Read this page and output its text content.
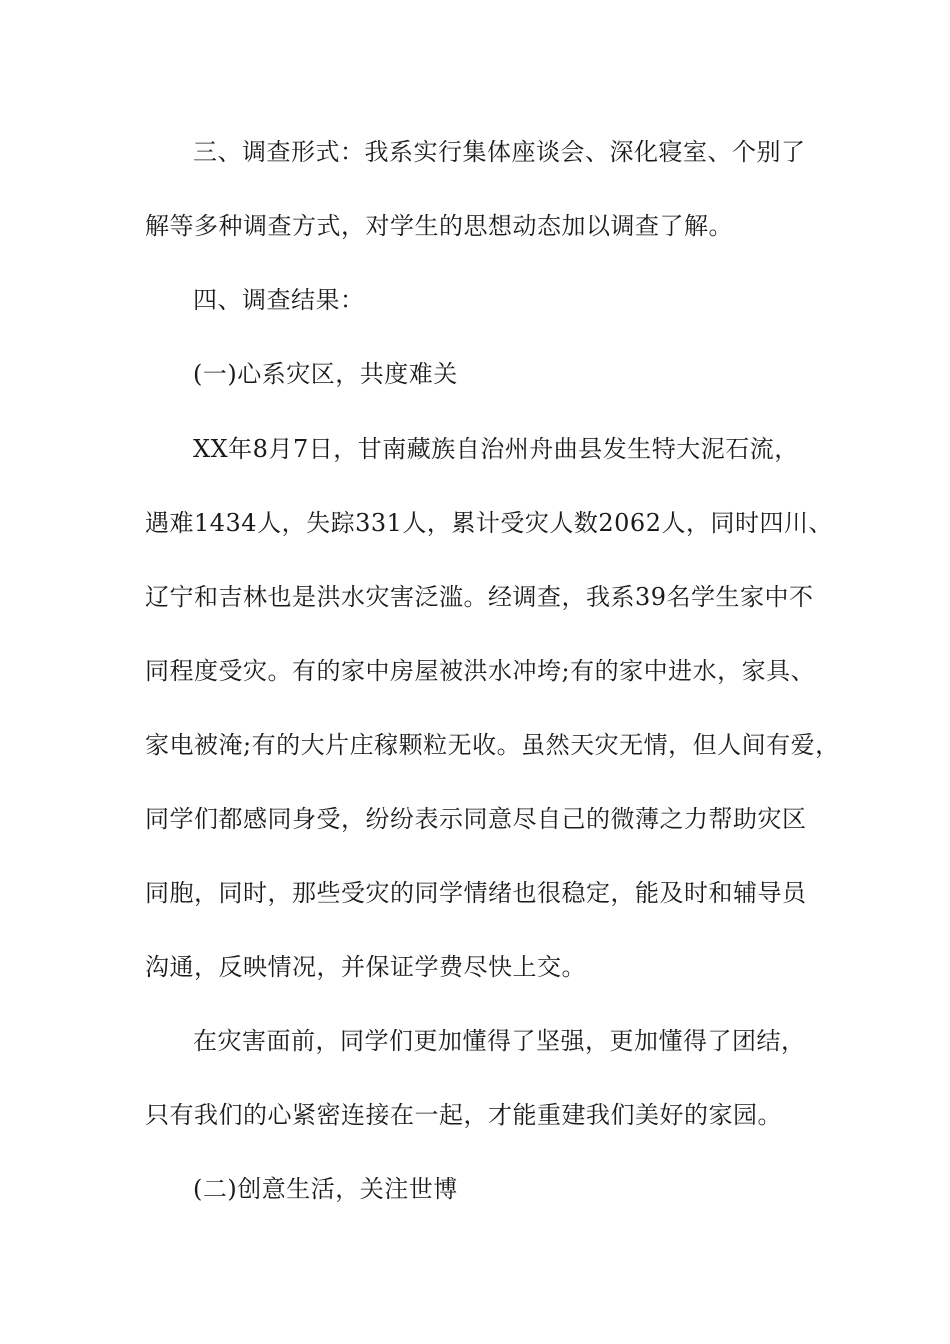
三、调查形式：我系实行集体座谈会、深化寝室、个别了
解等多种调查方式，对学生的思想动态加以调查了解。
四、调查结果：
(一)心系灾区，共度难关
XX年8月7日，甘南藏族自治州舟曲县发生特大泥石流，
遇难1434人，失踪331人，累计受灾人数2062人，同时四川、
辽宁和吉林也是洪水灾害泛滥。经调查，我系39名学生家中不
同程度受灾。有的家中房屋被洪水冲垮;有的家中进水，家具、
家电被淹;有的大片庄稼颗粒无收。虽然天灾无情，但人间有爱，
同学们都感同身受，纷纷表示同意尽自己的微薄之力帮助灾区
同胞，同时，那些受灾的同学情绪也很稳定，能及时和辅导员
沟通，反映情况，并保证学费尽快上交。
在灾害面前，同学们更加懂得了坚强，更加懂得了团结，
只有我们的心紧密连接在一起，才能重建我们美好的家园。
(二)创意生活，关注世博
